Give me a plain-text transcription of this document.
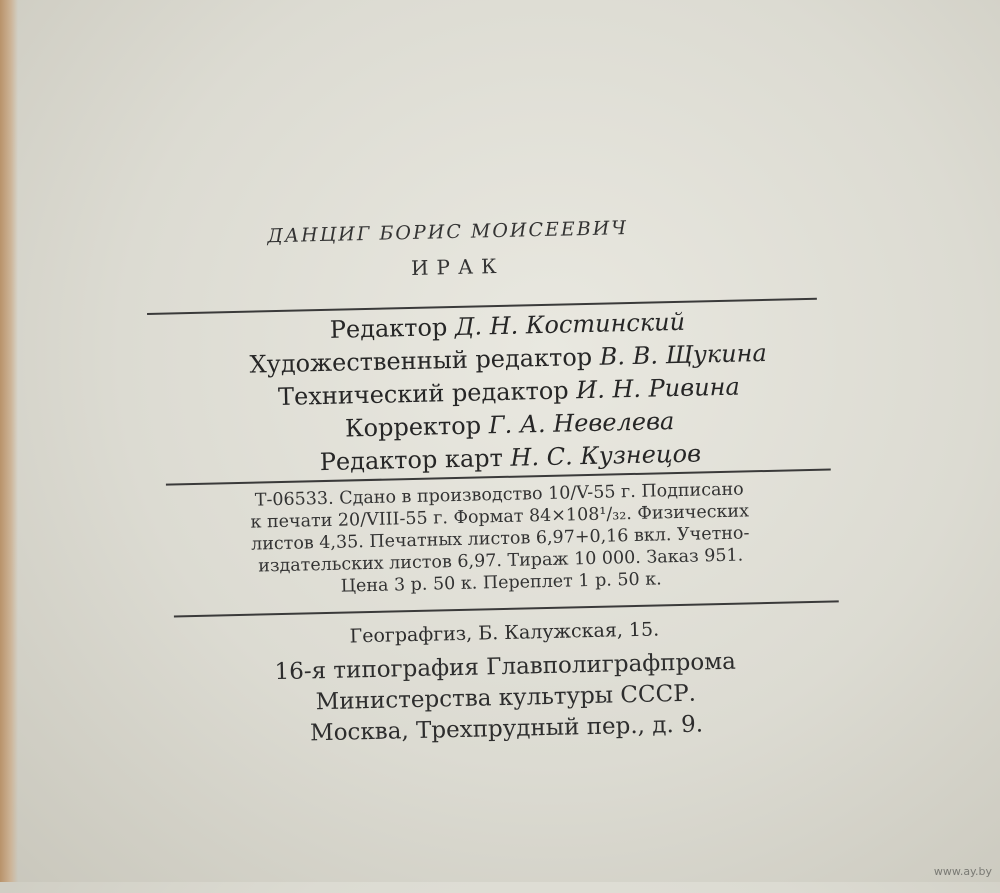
ДАНЦИГ БОРИС МОИСЕЕВИЧ
ИРАК
Редактор Д. Н. Костинский
Художественный редактор В. В. Щукина
Технический редактор И. Н. Ривина
Корректор Г. А. Невелева
Редактор карт Н. С. Кузнецов
Т-06533. Сдано в производство 10/V-55 г. Подписано
к печати 20/VIII-55 г. Формат 84×108¹/₃₂. Физических
листов 4,35. Печатных листов 6,97+0,16 вкл. Учетно-
издательских листов 6,97. Тираж 10 000. Заказ 951.
Цена 3 р. 50 к. Переплет 1 р. 50 к.
Географгиз, Б. Калужская, 15.
16-я типография Главполиграфпрома
Министерства культуры СССР.
Москва, Трехпрудный пер., д. 9.
www.ay.by
